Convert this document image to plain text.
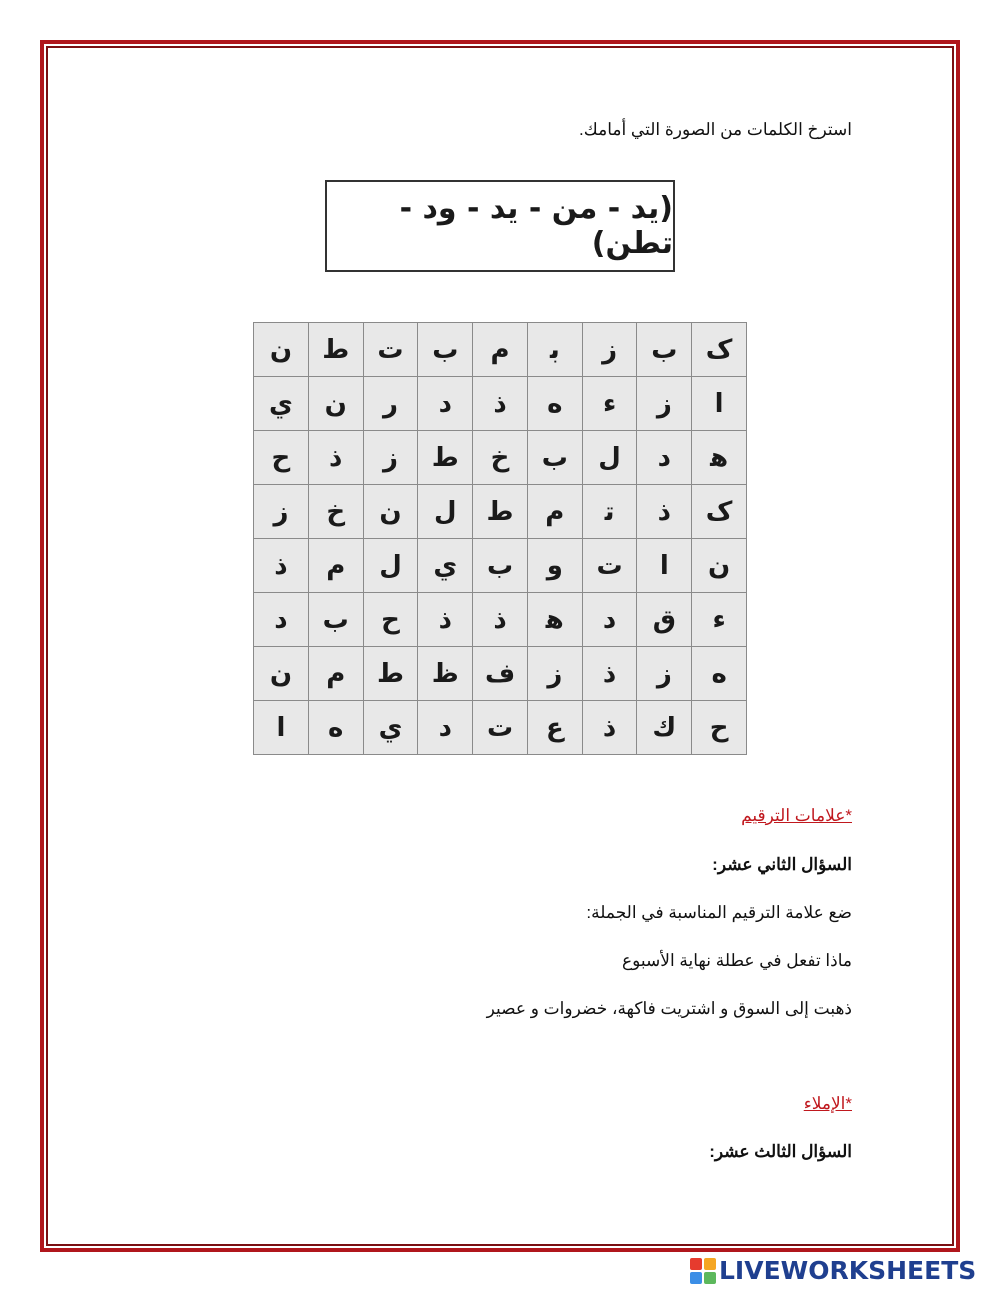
استرخ الكلمات من الصورة التي أمامك.
(يد - من - يد - ود - تطن)
ک	ب	ز	ﺑ	م	ب	ت	ط	ن
ا	ز	ء	ه	ذ	د	ر	ن	ي
ﻫ	د	ل	ب	خ	ط	ز	ذ	ح
ک	ذ	ﺗ	م	ط	ل	ن	خ	ز
ن	ا	ت	و	ب	ي	ل	م	ذ
ء	ق	د	ﻫ	ذ	ذ	ح	ب	د
ه	ز	ذ	ز	ف	ظ	ط	م	ن
ح	ك	ذ	ع	ت	د	ي	ه	ا
*علامات الترقيم
السؤال الثاني عشر:
ضع علامة الترقيم المناسبة في الجملة:
ماذا تفعل في عطلة نهاية الأسبوع
ذهبت إلى السوق و اشتريت فاكهة، خضروات و عصير
*الإملاء
السؤال الثالث عشر:
LIVEWORKSHEETS
